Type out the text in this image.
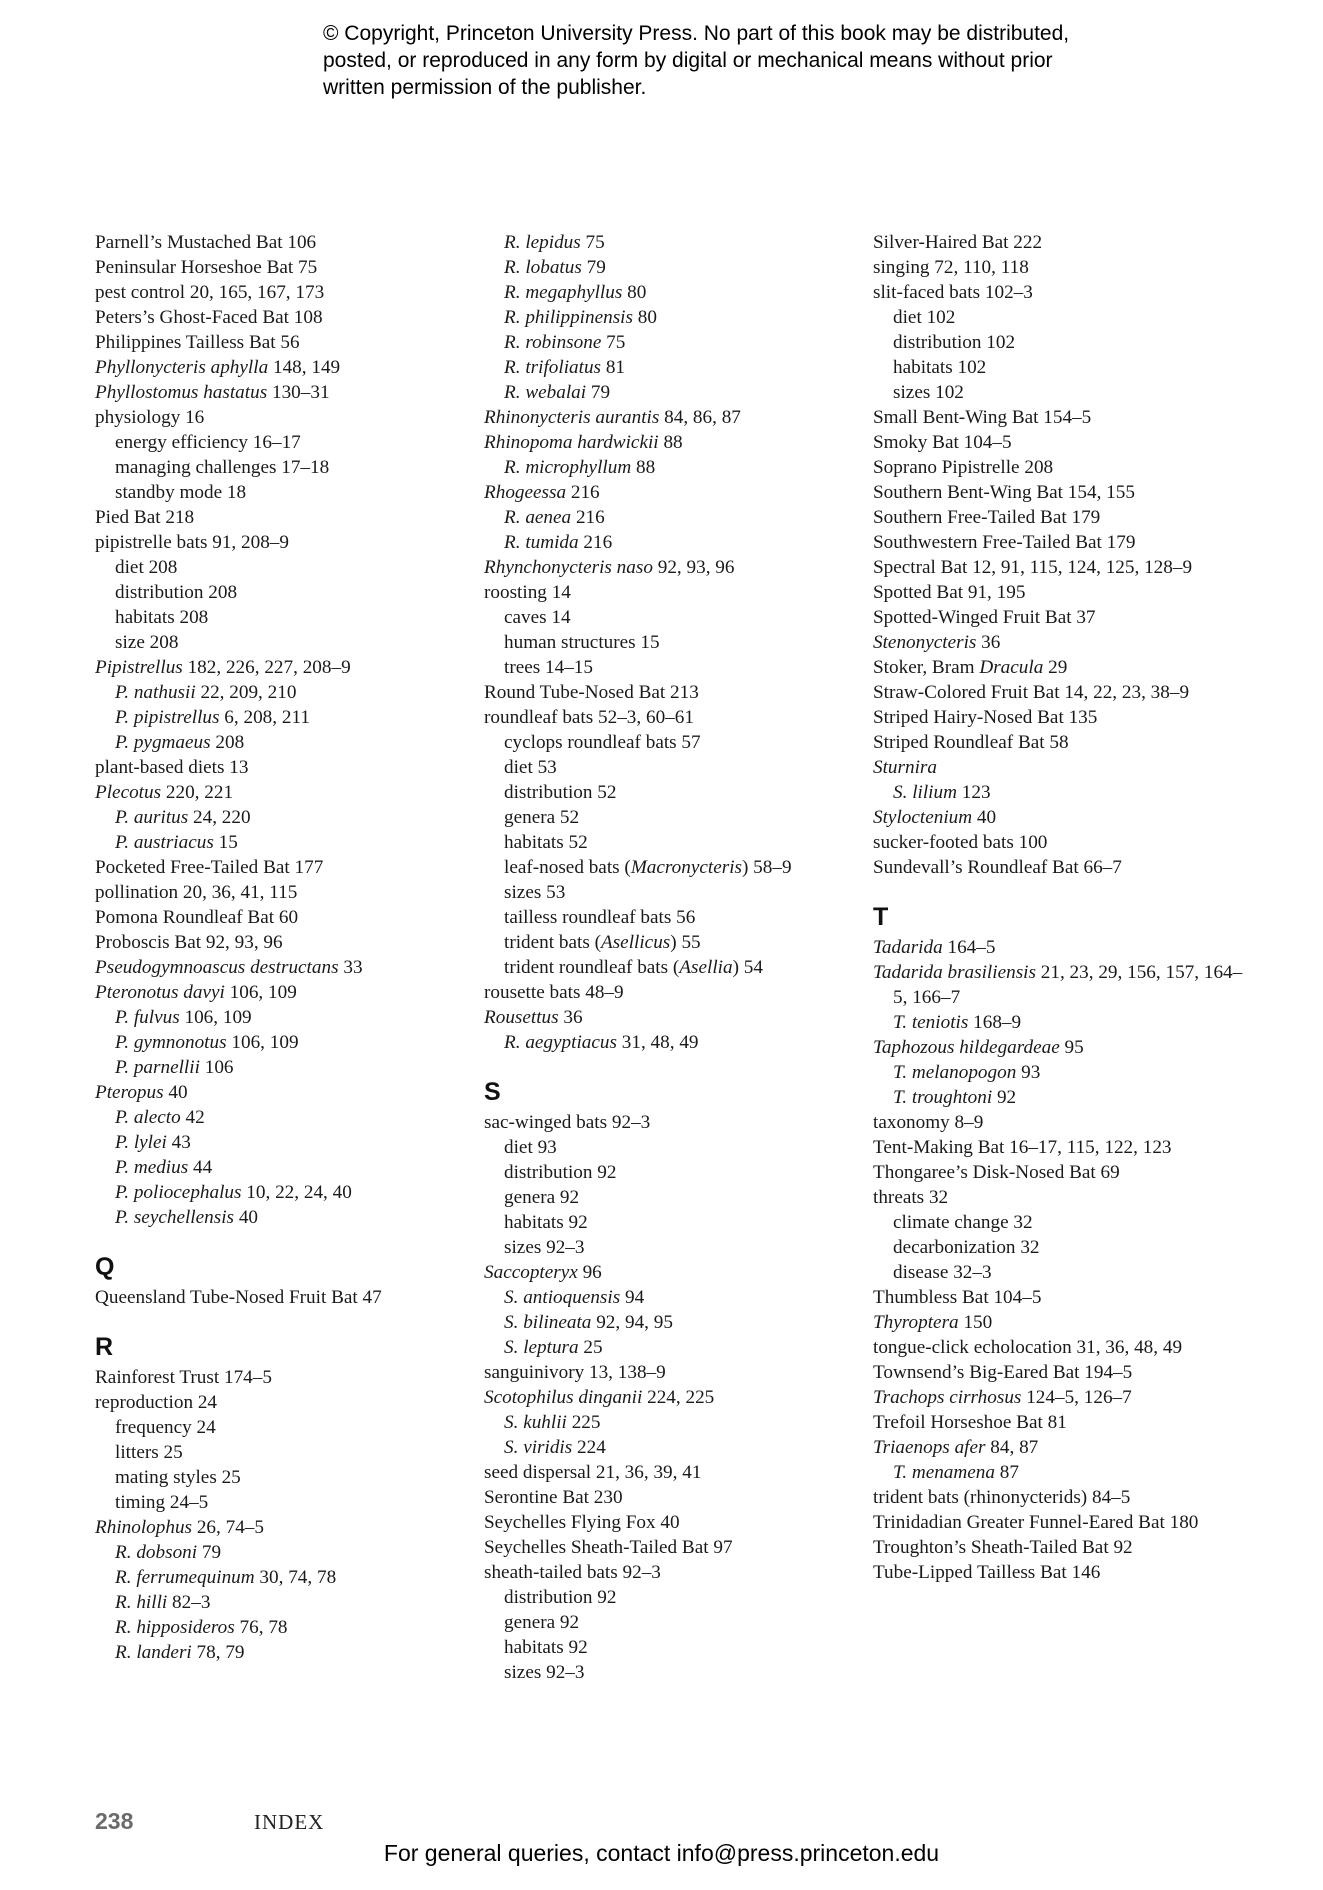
© Copyright, Princeton University Press. No part of this book may be distributed, posted, or reproduced in any form by digital or mechanical means without prior written permission of the publisher.
Parnell’s Mustached Bat 106
Peninsular Horseshoe Bat 75
pest control 20, 165, 167, 173
Peters’s Ghost-Faced Bat 108
Philippines Tailless Bat 56
Phyllonycteris aphylla 148, 149
Phyllostomus hastatus 130–31
physiology 16
energy efficiency 16–17
managing challenges 17–18
standby mode 18
Pied Bat 218
pipistrelle bats 91, 208–9
diet 208
distribution 208
habitats 208
size 208
Pipistrellus 182, 226, 227, 208–9
P. nathusii 22, 209, 210
P. pipistrellus 6, 208, 211
P. pygmaeus 208
plant-based diets 13
Plecotus 220, 221
P. auritus 24, 220
P. austriacus 15
Pocketed Free-Tailed Bat 177
pollination 20, 36, 41, 115
Pomona Roundleaf Bat 60
Proboscis Bat 92, 93, 96
Pseudogymnoascus destructans 33
Pteronotus davyi 106, 109
P. fulvus 106, 109
P. gymnonotus 106, 109
P. parnellii 106
Pteropus 40
P. alecto 42
P. lylei 43
P. medius 44
P. poliocephalus 10, 22, 24, 40
P. seychellensis 40
Q
Queensland Tube-Nosed Fruit Bat 47
R
Rainforest Trust 174–5
reproduction 24
frequency 24
litters 25
mating styles 25
timing 24–5
Rhinolophus 26, 74–5
R. dobsoni 79
R. ferrumequinum 30, 74, 78
R. hilli 82–3
R. hipposideros 76, 78
R. landeri 78, 79
R. lepidus 75
R. lobatus 79
R. megaphyllus 80
R. philippinensis 80
R. robinsone 75
R. trifoliatus 81
R. webalai 79
Rhinonycteris aurantis 84, 86, 87
Rhinopoma hardwickii 88
R. microphyllum 88
Rhogeessa 216
R. aenea 216
R. tumida 216
Rhynchonycteris naso 92, 93, 96
roosting 14
caves 14
human structures 15
trees 14–15
Round Tube-Nosed Bat 213
roundleaf bats 52–3, 60–61
cyclops roundleaf bats 57
diet 53
distribution 52
genera 52
habitats 52
leaf-nosed bats (Macronycteris) 58–9
sizes 53
tailless roundleaf bats 56
trident bats (Asellicus) 55
trident roundleaf bats (Asellia) 54
rousette bats 48–9
Rousettus 36
R. aegyptiacus 31, 48, 49
S
sac-winged bats 92–3
diet 93
distribution 92
genera 92
habitats 92
sizes 92–3
Saccopteryx 96
S. antioquensis 94
S. bilineata 92, 94, 95
S. leptura 25
sanguinivory 13, 138–9
Scotophilus dinganii 224, 225
S. kuhlii 225
S. viridis 224
seed dispersal 21, 36, 39, 41
Serontine Bat 230
Seychelles Flying Fox 40
Seychelles Sheath-Tailed Bat 97
sheath-tailed bats 92–3
distribution 92
genera 92
habitats 92
sizes 92–3
Silver-Haired Bat 222
singing 72, 110, 118
slit-faced bats 102–3
diet 102
distribution 102
habitats 102
sizes 102
Small Bent-Wing Bat 154–5
Smoky Bat 104–5
Soprano Pipistrelle 208
Southern Bent-Wing Bat 154, 155
Southern Free-Tailed Bat 179
Southwestern Free-Tailed Bat 179
Spectral Bat 12, 91, 115, 124, 125, 128–9
Spotted Bat 91, 195
Spotted-Winged Fruit Bat 37
Stenonycteris 36
Stoker, Bram Dracula 29
Straw-Colored Fruit Bat 14, 22, 23, 38–9
Striped Hairy-Nosed Bat 135
Striped Roundleaf Bat 58
Sturnira
S. lilium 123
Styloctenium 40
sucker-footed bats 100
Sundevall’s Roundleaf Bat 66–7
T
Tadarida 164–5
Tadarida brasiliensis 21, 23, 29, 156, 157, 164–5, 166–7
T. teniotis 168–9
Taphozous hildegardeae 95
T. melanopogon 93
T. troughtoni 92
taxonomy 8–9
Tent-Making Bat 16–17, 115, 122, 123
Thongaree’s Disk-Nosed Bat 69
threats 32
climate change 32
decarbonization 32
disease 32–3
Thumbless Bat 104–5
Thyroptera 150
tongue-click echolocation 31, 36, 48, 49
Townsend’s Big-Eared Bat 194–5
Trachops cirrhosus 124–5, 126–7
Trefoil Horseshoe Bat 81
Triaenops afer 84, 87
T. menamena 87
trident bats (rhinonycterids) 84–5
Trinidadian Greater Funnel-Eared Bat 180
Troughton’s Sheath-Tailed Bat 92
Tube-Lipped Tailless Bat 146
238	INDEX
For general queries, contact info@press.princeton.edu
